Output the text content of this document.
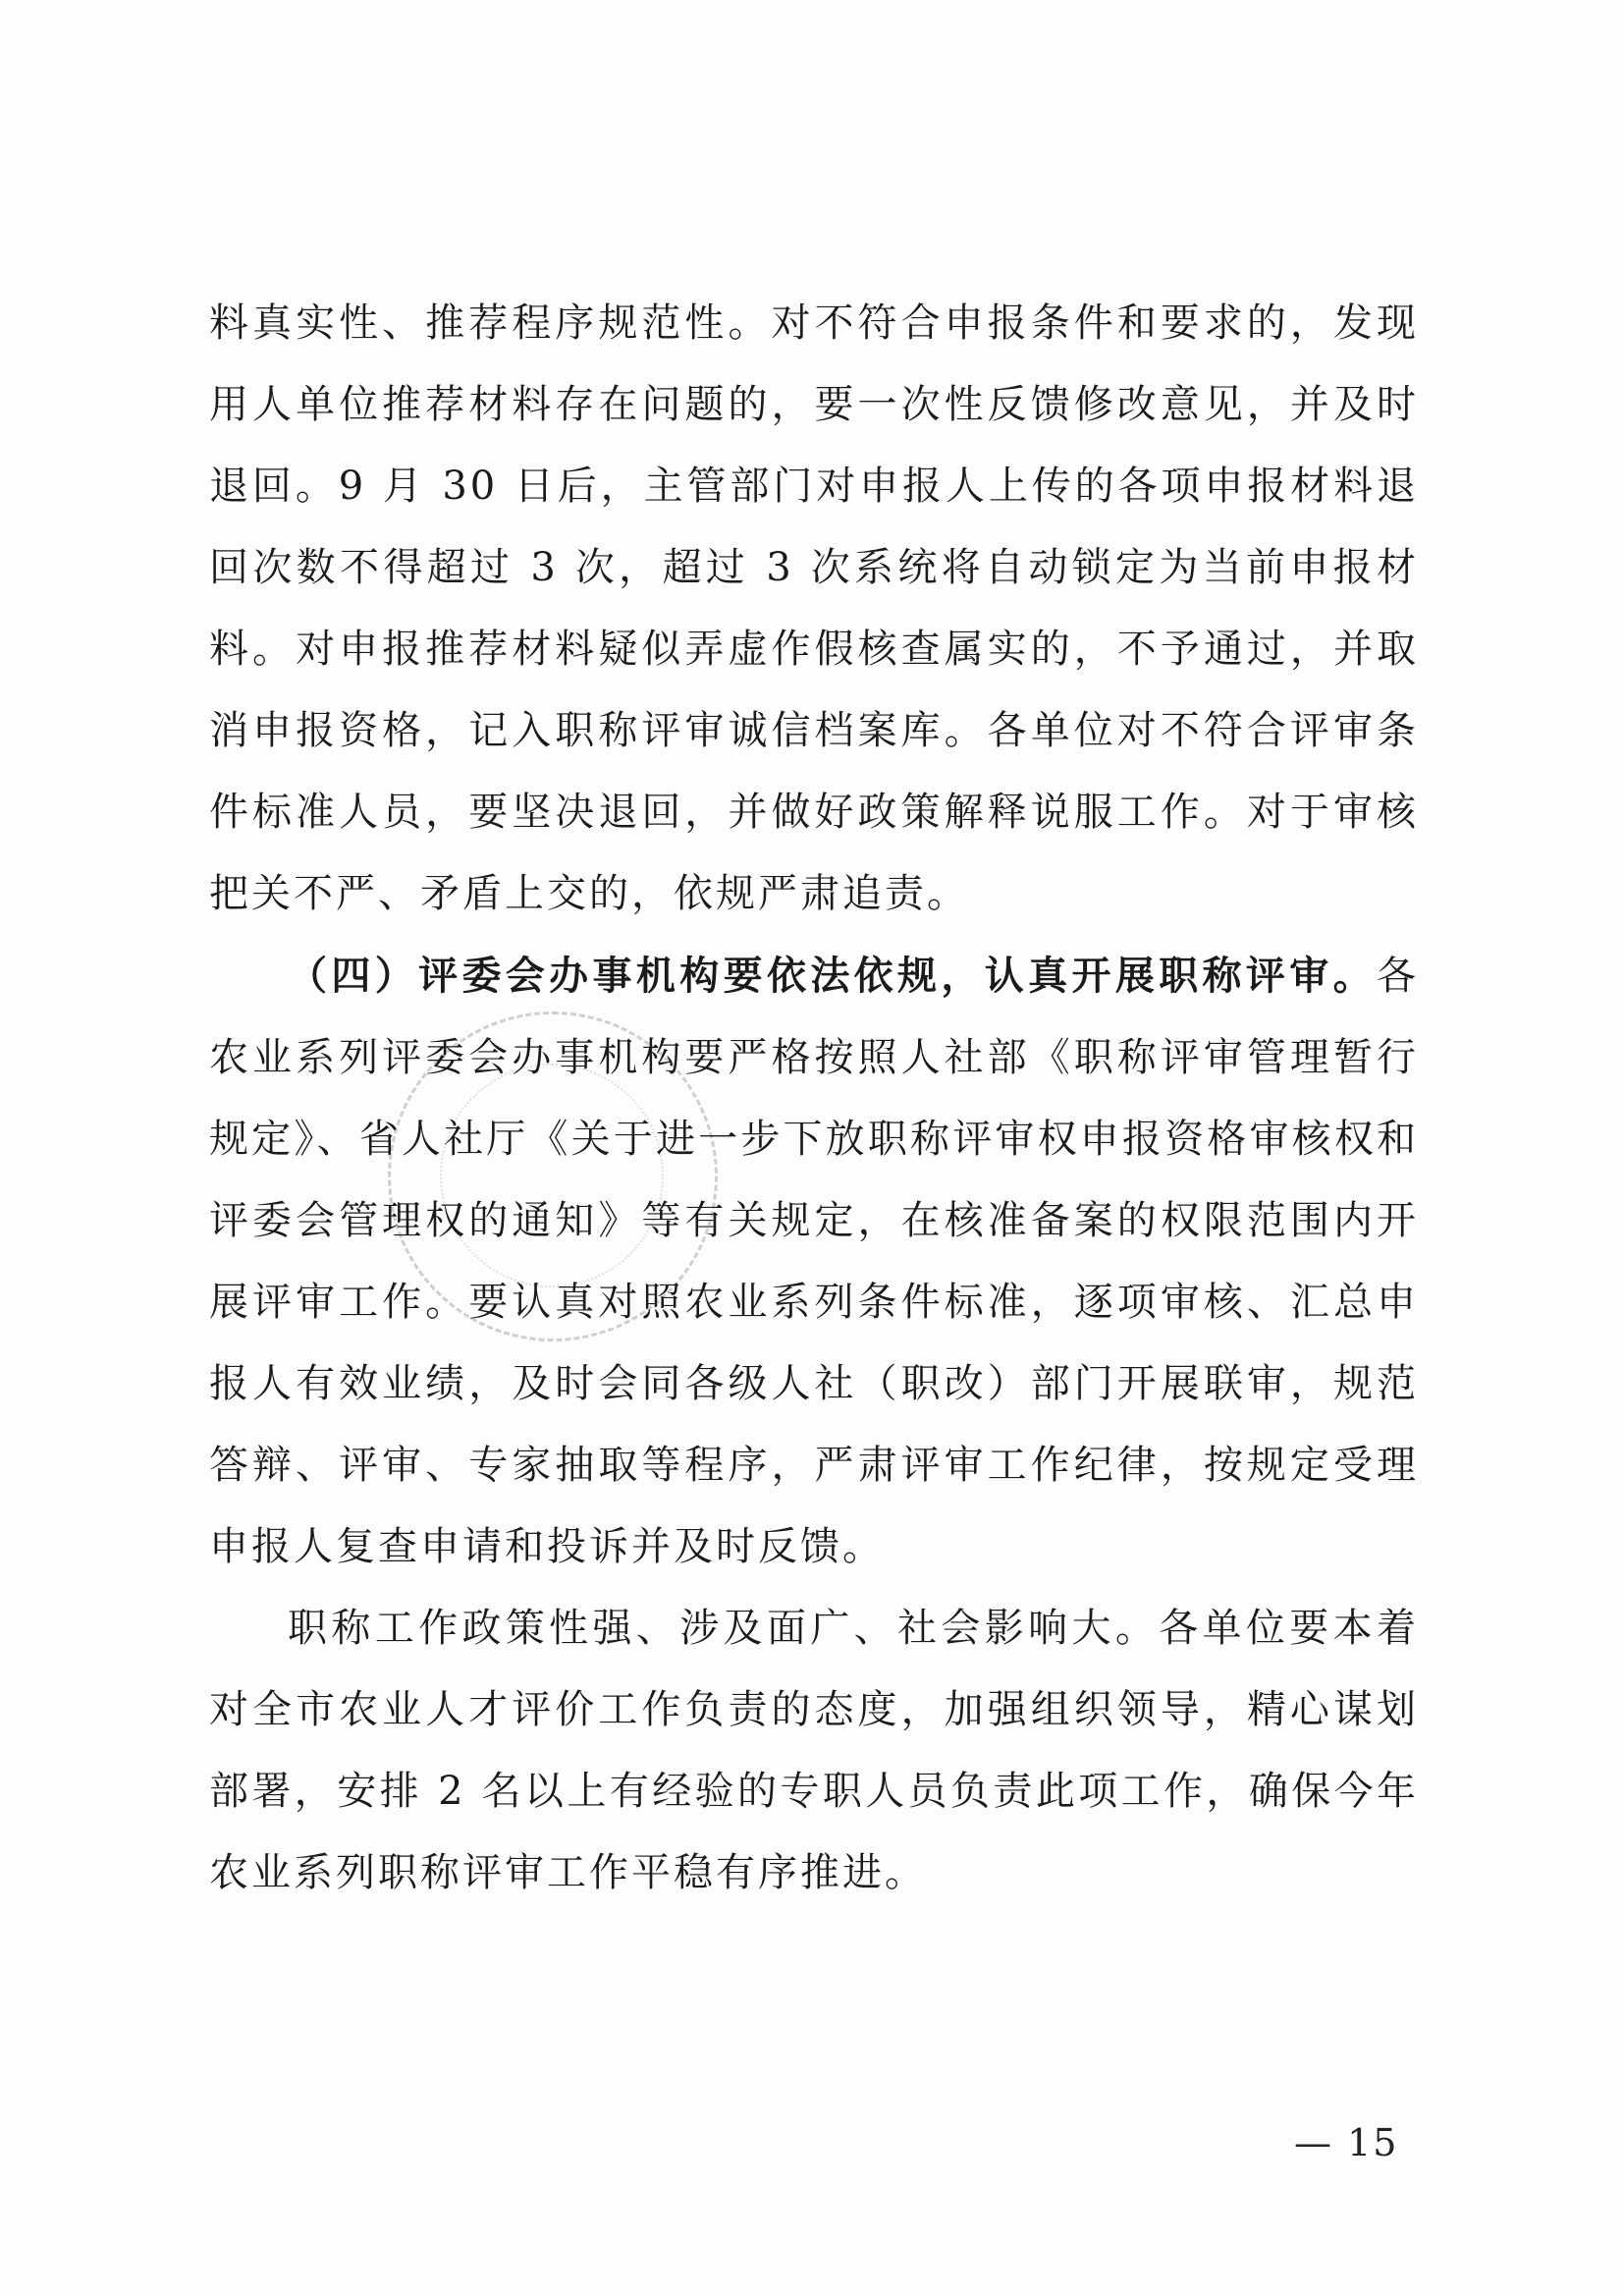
料真实性、推荐程序规范性。对不符合申报条件和要求的，发现用人单位推荐材料存在问题的，要一次性反馈修改意见，并及时退回。9 月 30 日后，主管部门对申报人上传的各项申报材料退回次数不得超过 3 次，超过 3 次系统将自动锁定为当前申报材料。对申报推荐材料疑似弄虚作假核查属实的，不予通过，并取消申报资格，记入职称评审诚信档案库。各单位对不符合评审条件标准人员，要坚决退回，并做好政策解释说服工作。对于审核把关不严、矛盾上交的，依规严肃追责。

（四）评委会办事机构要依法依规，认真开展职称评审。各农业系列评委会办事机构要严格按照人社部《职称评审管理暂行规定》、省人社厅《关于进一步下放职称评审权申报资格审核权和评委会管理权的通知》等有关规定，在核准备案的权限范围内开展评审工作。要认真对照农业系列条件标准，逐项审核、汇总申报人有效业绩，及时会同各级人社（职改）部门开展联审，规范答辩、评审、专家抽取等程序，严肃评审工作纪律，按规定受理申报人复查申请和投诉并及时反馈。

职称工作政策性强、涉及面广、社会影响大。各单位要本着对全市农业人才评价工作负责的态度，加强组织领导，精心谋划部署，安排 2 名以上有经验的专职人员负责此项工作，确保今年农业系列职称评审工作平稳有序推进。

— 15
